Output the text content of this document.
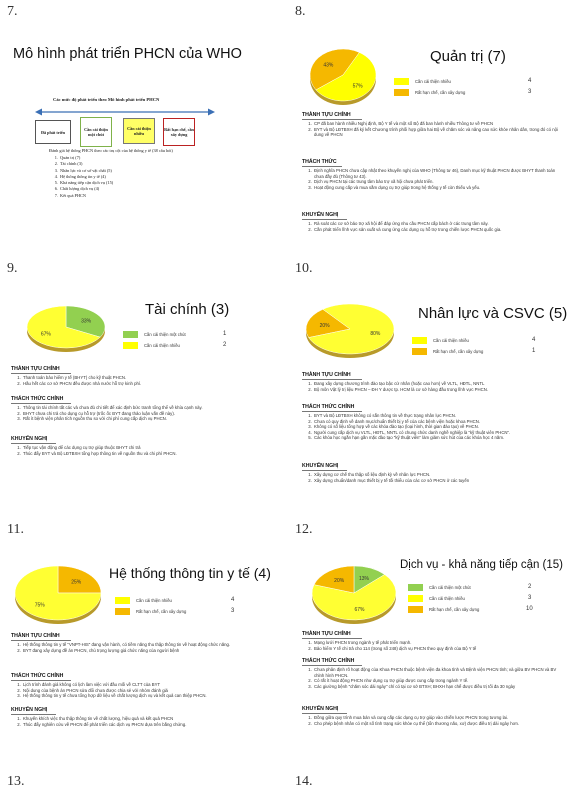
7.	8.
9.	10.
11.	12.
13.	14.
Mô hình phát triển PHCN của WHO
Các mức độ phát triển theo Mô hình phát triển PHCN
Đã phát triển	Cần cải thiện một chút
Cần cải thiện nhiều
Rất hạn chế, cần xây dựng
Đánh giá hệ thống PHCN theo các trụ cột của hệ thống y tế (38 câu hỏi)
1. Quản trị (7)
2. Tài chính (3)
3. Nhân lực và cơ sở vật chất (5)
4. Hệ thống thông tin y tế (4)
5. Khả năng tiếp cận dịch vụ (15)
6. Chất lượng dịch vụ (4)
7. Kết quả PHCN
43%
57%
Quản trị (7)
Cần cải thiện nhiều
Rất hạn chế, cần xây dựng
4
3
THÀNH TỰU CHÍNH
1. CP đã ban hành nhiều Nghị định, Bộ Y tế và một số Bộ đã ban hành nhiều Thông tư về PHCN
2. BYT và Bộ LĐTBXH đã ký kết Chương trình phối hợp giữa hai Bộ về chăm sóc và nâng cao sức khỏe nhân dân, trong đó có nội dung về PHCN
THÁCH THỨC
1. Định nghĩa PHCN chưa cập nhật theo khuyến nghị của WHO (Thông tư 46), Danh mục kỹ thuật PHCN được BHYT thanh toán chưa đầy đủ (Thông tư 43).
2. Dịch vụ PHCN tại các trung tâm bảo trợ xã hội chưa phát triển.
3. Hoạt động cung cấp và mua sắm dụng cụ trợ giúp trong hệ thống y tế còn thiếu và yếu.
KHUYẾN NGHỊ
1. Rà soát các cơ sở bảo trợ xã hội để đáp ứng nhu cầu PHCN cấp bách ở các trung tâm này.
2. Cần phát triển lĩnh vực sản xuất và cung ứng các dụng cụ hỗ trợ trong chiến lược PHCN quốc gia.
33%
67%
Tài chính (3)
Cần cải thiện một chút
Cần cải thiện nhiều
1
2
THÀNH TỰU CHÍNH
1. Thanh toán bảo hiểm y tế (BHYT) cho kỹ thuật PHCN.
2. Hầu hết các cơ sở PHCN đều được nhà nước hỗ trợ kinh phí.
THÁCH THỨC CHÍNH
1. Thông tin tài chính tất các và chưa đủ chi tiết để xác định bức tranh tổng thể về khía cạnh này.
2. BHYT chưa chi trả cho dụng cụ hỗ trợ (trốc ốc BYT đang thảo luận vấn đề này).
3. Rất ít bệnh viện phân tích nguồn thu so với chi phí cung cấp dịch vụ PHCN.
KHUYẾN NGHỊ
1. Tiếp tục vận động để các dụng cụ trợ giúp thuộc BHYT chi trả
2. Thúc đẩy BYT và Bộ LĐTBXH tổng hợp thông tin về nguồn thu và chi phí PHCN.
20%
80%
Nhân lực và CSVC (5)
Cần cải thiện nhiều
Rất hạn chế, cần xây dựng
4
1
THÀNH TỰU CHÍNH
1. Đang xây dựng chương trình đào tạo bậc cử nhân (hoặc cao hơn) về VLTL, HĐTL, NNTL
2. Bộ môn Vật lý trị liệu PHCN – ĐH Y dược tp. HCM là cơ sở hàng đầu trong lĩnh vực PHCN.
THÁCH THỨC CHÍNH
1. BYT và Bộ LĐTBXH không có sẵn thông tin về thực trạng nhân lực PHCN.
2. Chưa có quy định về danh mục/chuẩn thiết bị y tế của các bệnh viện hoặc khoa PHCN.
3. Không có số liệu tổng hợp về các khóa đào tạo (loại hình, thời gian đào tạo) về PHCN.
4. Người cung cấp dịch vụ VLTL, HĐTL, NNTL có chung chức danh nghề nghiệp là "kỹ thuật viên PHCN".
5. Các khóa học ngắn hạn gần mặc đào tạo "kỹ thuật viên" làm giảm sức hút của các khóa học 4 năm.
KHUYẾN NGHỊ
1. Xây dựng cơ chế thu thập số liệu định kỳ về nhân lực PHCN.
2. Xây dựng chuẩn/danh mục thiết bị y tế tối thiểu của các cơ sở PHCN ở các tuyến
25%
75%
Hệ thống thông tin y tế (4)
Cần cải thiện nhiều
Rất hạn chế, cần xây dựng
4
3
THÀNH TỰU CHÍNH
1. Hệ thống thông tin y tế "VNPT-HIS" đang vận hành, có tiềm năng thu thập thông tin về hoạt động chức năng.
2. BYT đang xây dựng đề án PHCN, chú trọng lượng giá chức năng của người bệnh
THÁCH THỨC CHÍNH
1. Lịch trình đánh giá không có lịch làm việc với đầu mối về CLTT của BYT
2. Nội dung của bệnh án PHCN sửa đổi chưa được chia sẻ với nhóm đánh giá
3. Hệ thống thông tin y tế chưa tổng hợp dữ liệu về chất lượng dịch vụ và kết quả can thiệp PHCN.
KHUYẾN NGHỊ
1. Khuyến khích việc thu thập thông tin về chất lượng, hiệu quả và kết quả PHCN
2. Thúc đẩy nghiên cứu về PHCN để phát triển các dịch vụ PHCN dựa trên bằng chứng.
13%
67%
20%
Dịch vụ - khả năng tiếp cận (15)
Cần cải thiện một chút
Cần cải thiện nhiều
Rất hạn chế, cần xây dựng
2
3
10
THÀNH TỰU CHÍNH
1. Mạng lưới PHCN trong ngành y tế phát triển mạnh.
2. Bảo hiểm Y tế chi trả cho 114 (trong số 248) dịch vụ PHCN theo quy định của Bộ Y tế
THÁCH THỨC CHÍNH
1. Chưa phân định rõ hoạt động của Khoa PHCN thuộc bệnh viện đa khoa tỉnh và Bệnh viện PHCN tỉnh; và giữa BV PHCN và BV chỉnh hình PHCN.
2. Có rất ít hoạt động PHCN như dụng cụ trợ giúp được cung cấp trong ngành Y tế.
3. Các giường bệnh "chăm sóc dài ngày" chỉ có tại cơ sở BTXH; BHXH hạn chế được điều trị tối đa 30 ngày
KHUYẾN NGHỊ
1. Đồng giữa quy trình mua bán và cung cấp các dụng cụ trợ giúp vào chiến lược PHCN trong tương lai.
2. Cho phép bệnh nhân có một số tình trạng sức khỏe cụ thể (tổn thương não, xơ) được điều trị dài ngày hơn.
